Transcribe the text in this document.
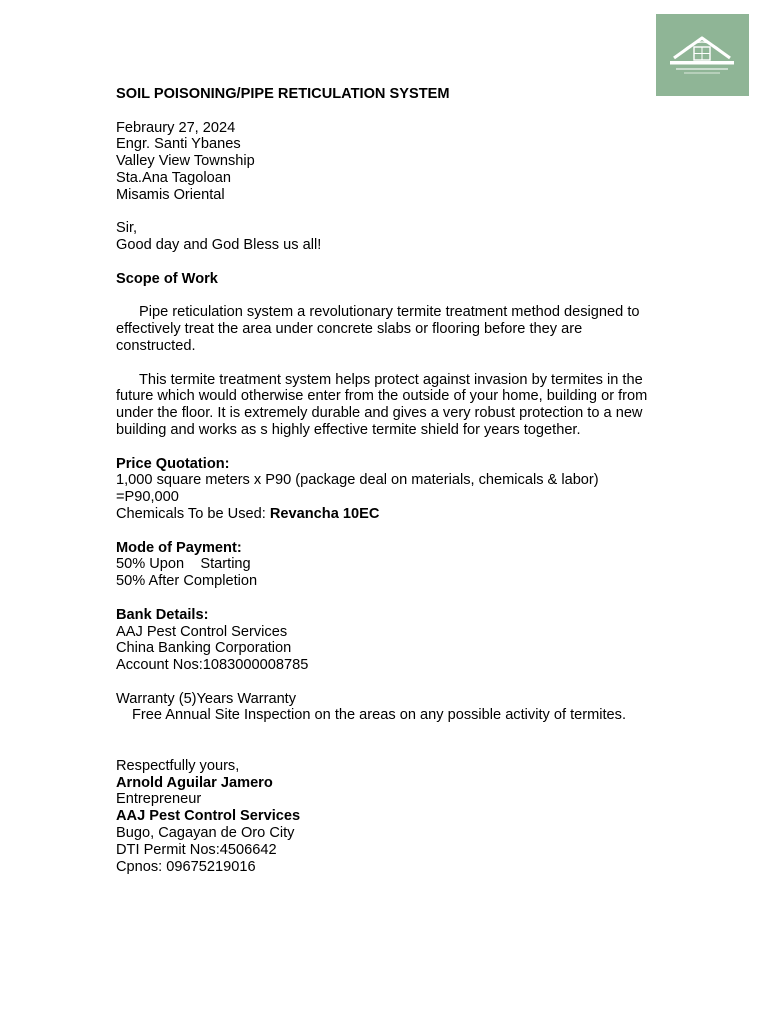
SOIL POISONING/PIPE RETICULATION SYSTEM
Febraury 27, 2024
Engr. Santi Ybanes
Valley View Township
Sta.Ana Tagoloan
Misamis Oriental
Sir,
Good day and God Bless us all!
Scope of Work
Pipe reticulation system a revolutionary termite treatment method designed to effectively treat the area under concrete slabs or flooring before they are constructed.
This termite treatment system helps protect against invasion by termites in the future which would otherwise enter from the outside of your home, building or from under the floor. It is extremely durable and gives a very robust protection to a new building and works as s highly effective termite shield for years together.
Price Quotation:
1,000 square meters x P90 (package deal on materials, chemicals & labor)
=P90,000
Chemicals To be Used: Revancha 10EC
Mode of Payment:
50% Upon    Starting
50% After Completion
Bank Details:
AAJ Pest Control Services
China Banking Corporation
Account Nos:1083000008785
Warranty (5)Years Warranty
Free Annual Site Inspection on the areas on any possible activity of termites.
Respectfully yours,
Arnold Aguilar Jamero
Entrepreneur
AAJ Pest Control Services
Bugo, Cagayan de Oro City
DTI Permit Nos:4506642
Cpnos: 09675219016
